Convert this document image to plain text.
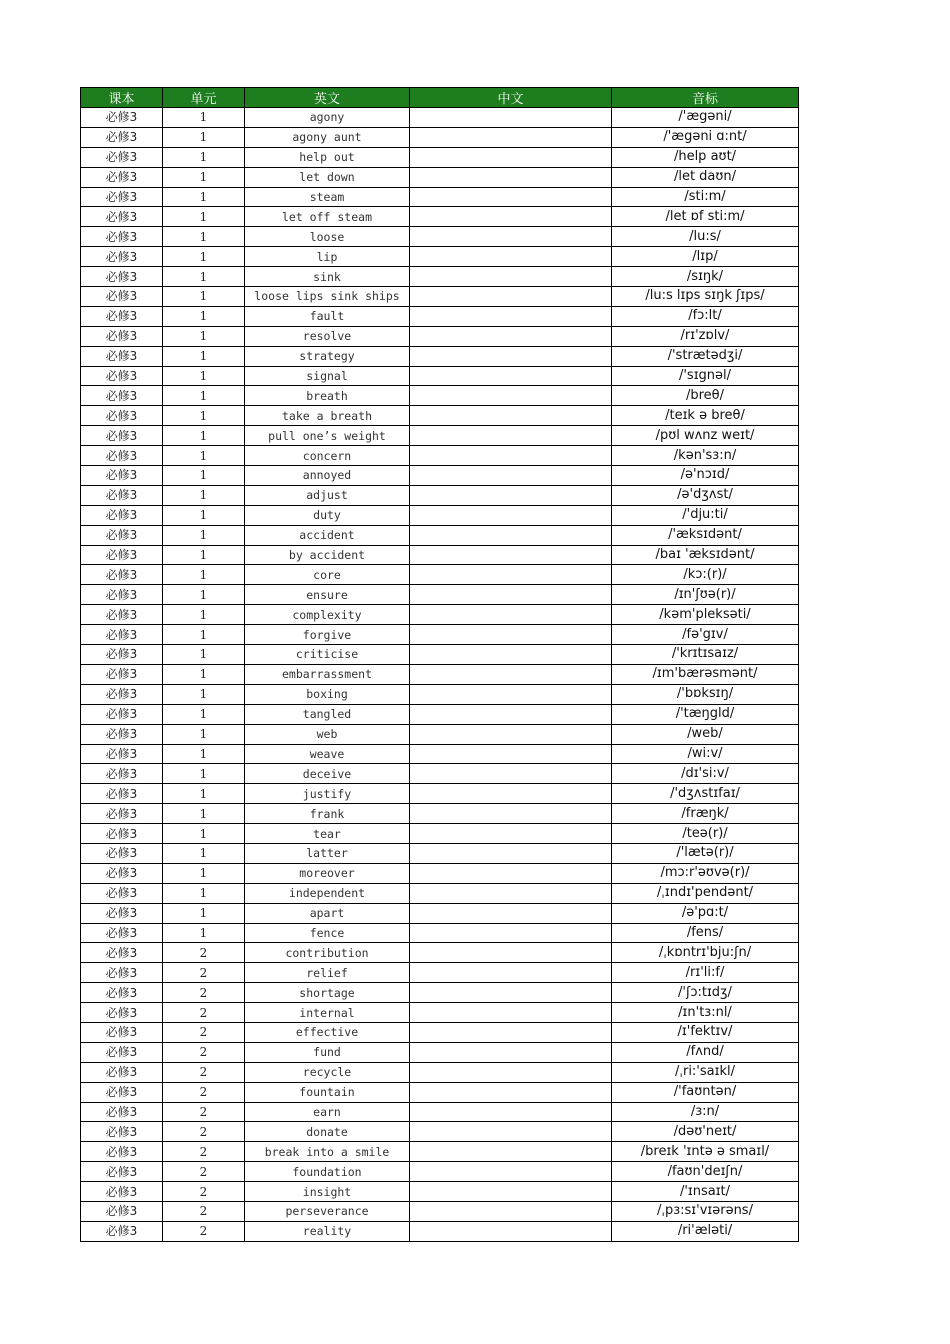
课本	单元	英文	中文	音标
必修3	1	agony		/'ægəni/
必修3	1	agony aunt		/'ægəni ɑ:nt/
必修3	1	help out		/help aʊt/
必修3	1	let down		/let daʊn/
必修3	1	steam		/sti:m/
必修3	1	let off steam		/let ɒf sti:m/
必修3	1	loose		/lu:s/
必修3	1	lip		/lɪp/
必修3	1	sink		/sɪŋk/
必修3	1	loose lips sink ships		/lu:s lɪps sɪŋk ʃɪps/
必修3	1	fault		/fɔ:lt/
必修3	1	resolve		/rɪ'zɒlv/
必修3	1	strategy		/'strætədʒi/
必修3	1	signal		/'sɪgnəl/
必修3	1	breath		/breθ/
必修3	1	take a breath		/teɪk ə breθ/
必修3	1	pull one’s weight		/pʊl wʌnz weɪt/
必修3	1	concern		/kən'sɜ:n/
必修3	1	annoyed		/ə'nɔɪd/
必修3	1	adjust		/ə'dʒʌst/
必修3	1	duty		/'dju:ti/
必修3	1	accident		/'æksɪdənt/
必修3	1	by accident		/baɪ 'æksɪdənt/
必修3	1	core		/kɔ:(r)/
必修3	1	ensure		/ɪn'ʃʊə(r)/
必修3	1	complexity		/kəm'pleksəti/
必修3	1	forgive		/fə'gɪv/
必修3	1	criticise		/'krɪtɪsaɪz/
必修3	1	embarrassment		/ɪm'bærəsmənt/
必修3	1	boxing		/'bɒksɪŋ/
必修3	1	tangled		/'tæŋgld/
必修3	1	web		/web/
必修3	1	weave		/wi:v/
必修3	1	deceive		/dɪ'si:v/
必修3	1	justify		/'dʒʌstɪfaɪ/
必修3	1	frank		/fræŋk/
必修3	1	tear		/teə(r)/
必修3	1	latter		/'lætə(r)/
必修3	1	moreover		/mɔ:r'əʊvə(r)/
必修3	1	independent		/ˌɪndɪ'pendənt/
必修3	1	apart		/ə'pɑ:t/
必修3	1	fence		/fens/
必修3	2	contribution		/ˌkɒntrɪ'bju:ʃn/
必修3	2	relief		/rɪ'li:f/
必修3	2	shortage		/'ʃɔ:tɪdʒ/
必修3	2	internal		/ɪn'tɜ:nl/
必修3	2	effective		/ɪ'fektɪv/
必修3	2	fund		/fʌnd/
必修3	2	recycle		/ˌri:'saɪkl/
必修3	2	fountain		/'faʊntən/
必修3	2	earn		/ɜ:n/
必修3	2	donate		/dəʊ'neɪt/
必修3	2	break into a smile		/breɪk 'ɪntə ə smaɪl/
必修3	2	foundation		/faʊn'deɪʃn/
必修3	2	insight		/'ɪnsaɪt/
必修3	2	perseverance		/ˌpɜ:sɪ'vɪərəns/
必修3	2	reality		/ri'æləti/
